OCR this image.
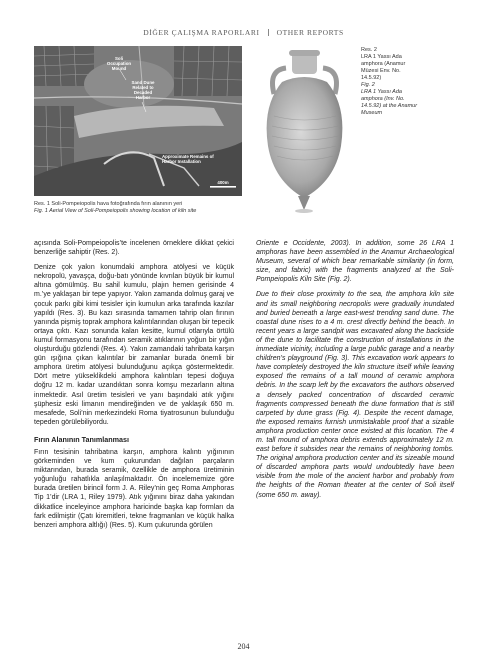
DİĞER ÇALIŞMA RAPORLARI OTHER REPORTS
Soli
Occupation
Mound
Sand Dune
Related to
Decaded
Harbor
Approximate Remains of
Harbor Installation
400m
Res. 1 Soli-Pompeiopolis hava fotoğrafında fırın alanının yeri
Fig. 1 Aerial View of Soli-Pompeiopolis showing location of kiln site
Res. 2
LRA 1 Yassı Ada amphora (Anamur Müzesi Env. No. 14.5.92)
Fig. 2
LRA 1 Yassı Ada amphora (Inv. No. 14.5.92) at the Anamur Museum

açısında Soli-Pompeiopolis’te incelenen örneklere dikkat çekici benzerliğe sahiptir (Res. 2).

Denize çok yakın konumdaki amphora atölyesi ve küçük nekropolü, yavaşça, doğu-batı yönünde kıvrılan büyük bir kumul altına gömülmüş. Bu sahil kumulu, plajın hemen gerisinde 4 m.’ye yaklaşan bir tepe yapıyor. Yakın zamanda dolmuş garaj ve çocuk parkı gibi kimi tesisler için kumulun arka tarafında kazılar yapıldı (Res. 3). Bu kazı sırasında tamamen tahrip olan fırının yanında pişmiş toprak amphora kalıntılarından oluşan bir tepecik ortaya çıktı. Kazı sonunda kalan kesitte, kumul otlarıyla örtülü kumul formasyonu tarafından seramik atıklarının yoğun bir yığın oluşturduğu gözlendi (Res. 4). Yakın zamandaki tahribata karşın gün ışığına çıkan kalıntılar bir zamanlar burada önemli bir amphora üretim atölyesi bulunduğunu açıkça göstermektedir. Dört metre yükseklikdeki amphora kalıntıları tepesi doğuya doğru 12 m. kadar uzandıktan sonra komşu mezarların altına inmektedir. Asıl üretim tesisleri ve yanı başındaki atık yığını şüphesiz eski limanın mendireğinden ve de yaklaşık 650 m. mesafede, Soli’nin merkezindeki Roma tiyatrosunun bulunduğu tepeden görülebiliyordu.

Fırın Alanının Tanımlanması

Fırın tesisinin tahribatına karşın, amphora kalıntı yığınının görkeminden ve kum çukurundan dağılan parçaların miktarından, burada seramik, özellikle de amphora üretiminin yoğunluğu rahatlıkla anlaşılmaktadır. Ön incelememize göre burada üretilen birincil form J. A. Riley’nin geç Roma Amphoras Tip 1’dir (LRA 1, Riley 1979). Atık yığınını biraz daha yakından dikkatlice inceleyince amphora haricinde başka kap formları da fark edilmiştir (Çatı kiremitleri, tekne fragmanları ve küçük halka benzeri amphora altlığı) (Res. 5). Kum çukurunda görülen

Oriente e Occidente, 2003). In addition, some 26 LRA 1 amphoras have been assembled in the Anamur Archaeological Museum, several of which bear remarkable similarity (in form, size, and fabric) with the fragments analyzed at the Soli-Pompeiopolis Kiln Site (Fig. 2).

Due to their close proximity to the sea, the amphora kiln site and its small neighboring necropolis were gradually inundated and buried beneath a large east-west trending sand dune. The coastal dune rises to a 4 m. crest directly behind the beach. In recent years a large sandpit was excavated along the backside of the dune to facilitate the construction of installations in the immediate vicinity, including a large public garage and a nearby children’s playground (Fig. 3). This excavation work appears to have completely destroyed the kiln structure itself while leaving exposed the remains of a tall mound of ceramic amphora debris. In the scarp left by the excavators the authors observed a densely packed concentration of discarded ceramic fragments compressed beneath the dune formation that is still carpeted by dune grass (Fig. 4). Despite the recent damage, the exposed remains furnish unmistakable proof that a sizable amphora production center once existed at this location. The 4 m. tall mound of amphora debris extends approximately 12 m. east before it subsides near the remains of neighboring tombs. The original amphora production center and its sizeable mound of discarded amphora parts would undoubtedly have been visible from the mole of the ancient harbor and probably from the heights of the Roman theater at the center of Soli itself (some 650 m. away).

204
